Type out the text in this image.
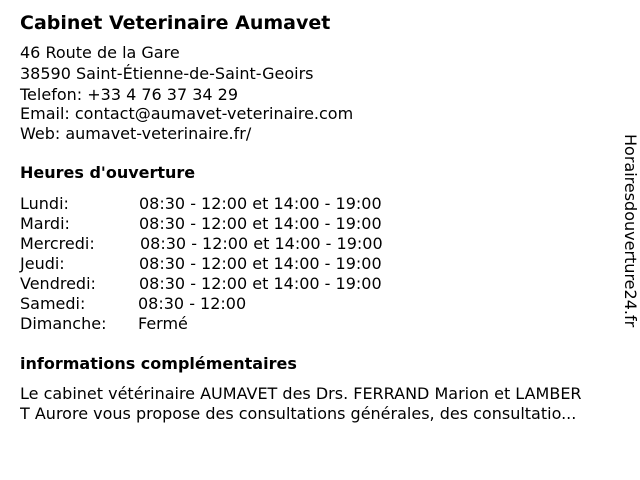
Cabinet Veterinaire Aumavet
46 Route de la Gare
38590 Saint-Étienne-de-Saint-Geoirs
Telefon: +33 4 76 37 34 29
Email: contact@aumavet-veterinaire.com
Web: aumavet-veterinaire.fr/
Heures d'ouverture
Lundi:	08:30 - 12:00 et 14:00 - 19:00
Mardi:	08:30 - 12:00 et 14:00 - 19:00
Mercredi:	08:30 - 12:00 et 14:00 - 19:00
Jeudi:	08:30 - 12:00 et 14:00 - 19:00
Vendredi:	08:30 - 12:00 et 14:00 - 19:00
Samedi:	08:30 - 12:00
Dimanche: Fermé
informations complémentaires
Le cabinet vétérinaire AUMAVET des Drs. FERRAND Marion et LAMBER
T Aurore vous propose des consultations générales, des consultatio...
Horairesdouverture24.fr
